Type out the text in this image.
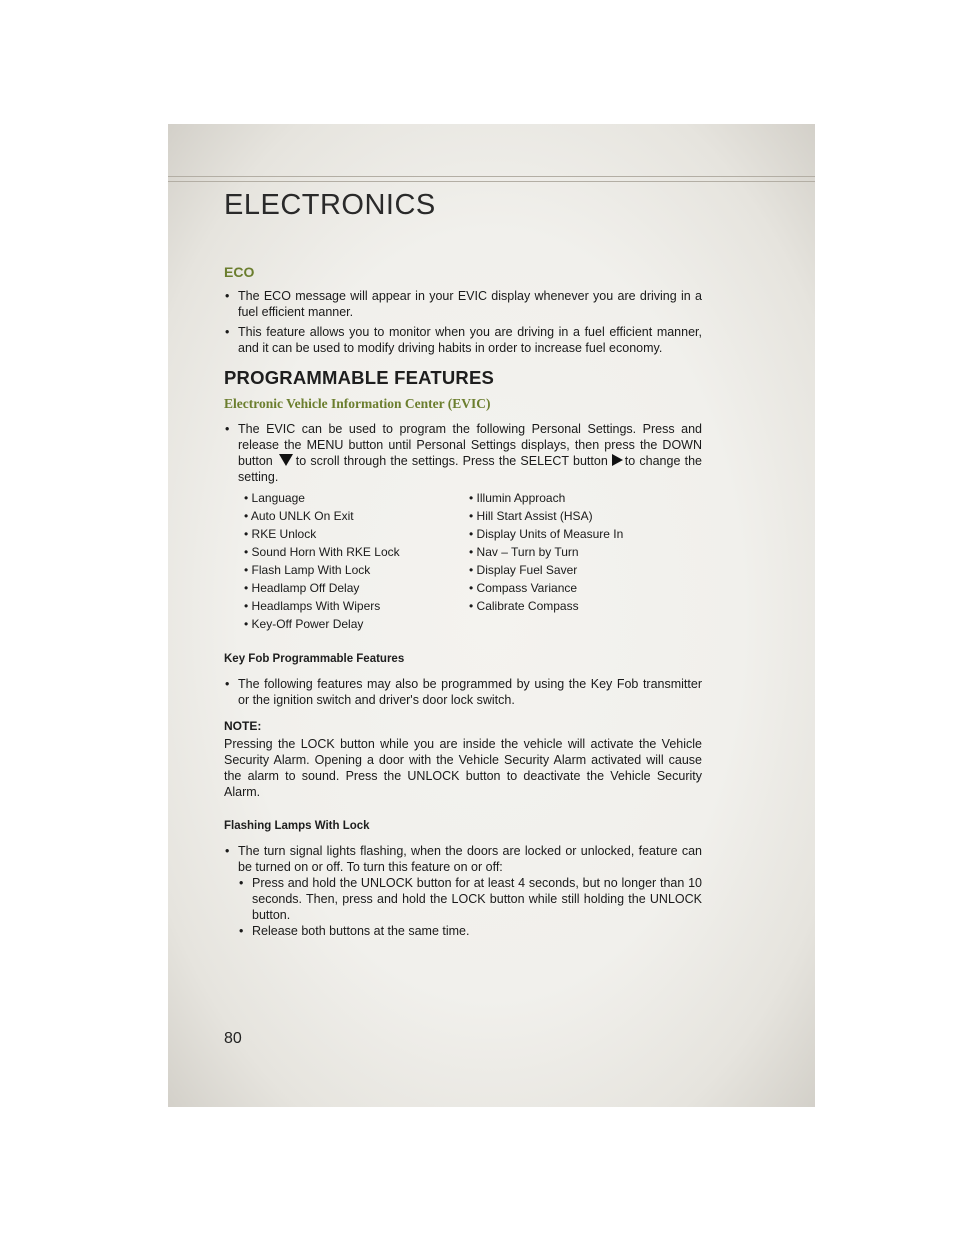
ELECTRONICS
ECO
• The ECO message will appear in your EVIC display whenever you are driving in a fuel efficient manner.
• This feature allows you to monitor when you are driving in a fuel efficient manner, and it can be used to modify driving habits in order to increase fuel economy.
PROGRAMMABLE FEATURES
Electronic Vehicle Information Center (EVIC)
• The EVIC can be used to program the following Personal Settings. Press and release the MENU button until Personal Settings displays, then press the DOWN button to scroll through the settings. Press the SELECT button to change the setting.
• Language
• Auto UNLK On Exit
• RKE Unlock
• Sound Horn With RKE Lock
• Flash Lamp With Lock
• Headlamp Off Delay
• Headlamps With Wipers
• Key-Off Power Delay
• Illumin Approach
• Hill Start Assist (HSA)
• Display Units of Measure In
• Nav – Turn by Turn
• Display Fuel Saver
• Compass Variance
• Calibrate Compass
Key Fob Programmable Features
• The following features may also be programmed by using the Key Fob transmitter or the ignition switch and driver's door lock switch.
NOTE:

Pressing the LOCK button while you are inside the vehicle will activate the Vehicle Security Alarm. Opening a door with the Vehicle Security Alarm activated will cause the alarm to sound. Press the UNLOCK button to deactivate the Vehicle Security Alarm.

Flashing Lamps With Lock
• The turn signal lights flashing, when the doors are locked or unlocked, feature can be turned on or off. To turn this feature on or off:
• Press and hold the UNLOCK button for at least 4 seconds, but no longer than 10 seconds. Then, press and hold the LOCK button while still holding the UNLOCK button.
• Release both buttons at the same time.
80
